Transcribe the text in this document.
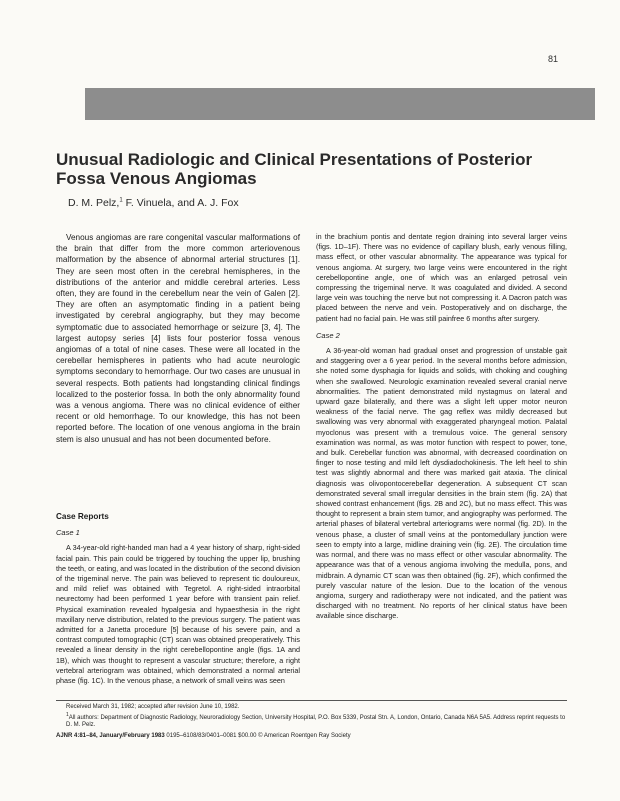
81
Unusual Radiologic and Clinical Presentations of Posterior Fossa Venous Angiomas
D. M. Pelz,$^1$ F. Vinuela, and A. J. Fox

Venous angiomas are rare congenital vascular malformations of the brain that differ from the more common arteriovenous malformation by the absence of abnormal arterial structures [1]. They are seen most often in the cerebral hemispheres, in the distributions of the anterior and middle cerebral arteries. Less often, they are found in the cerebellum near the vein of Galen [2]. They are often an asymptomatic finding in a patient being investigated by cerebral angiography, but they may become symptomatic due to associated hemorrhage or seizure [3, 4]. The largest autopsy series [4] lists four posterior fossa venous angiomas of a total of nine cases. These were all located in the cerebellar hemispheres in patients who had acute neurologic symptoms secondary to hemorrhage. Our two cases are unusual in several respects. Both patients had longstanding clinical findings localized to the posterior fossa. In both the only abnormality found was a venous angioma. There was no clinical evidence of either recent or old hemorrhage. To our knowledge, this has not been reported before. The location of one venous angioma in the brain stem is also unusual and has not been documented before.

Case Reports
Case 1

A 34-year-old right-handed man had a 4 year history of sharp, right-sided facial pain. This pain could be triggered by touching the upper lip, brushing the teeth, or eating, and was located in the distribution of the second division of the trigeminal nerve. The pain was believed to represent tic douloureux, and mild relief was obtained with Tegretol. A right-sided intraorbital neurectomy had been performed 1 year before with transient pain relief. Physical examination revealed hypalgesia and hypaesthesia in the right maxillary nerve distribution, related to the previous surgery. The patient was admitted for a Janetta procedure [5] because of his severe pain, and a contrast computed tomographic (CT) scan was obtained preoperatively. This revealed a linear density in the right cerebellopontine angle (figs. 1A and 1B), which was thought to represent a vascular structure; therefore, a right vertebral arteriogram was obtained, which demonstrated a normal arterial phase (fig. 1C). In the venous phase, a network of small veins was seen

in the brachium pontis and dentate region draining into several larger veins (figs. 1D–1F). There was no evidence of capillary blush, early venous filling, mass effect, or other vascular abnormality. The appearance was typical for venous angioma. At surgery, two large veins were encountered in the right cerebellopontine angle, one of which was an enlarged petrosal vein compressing the trigeminal nerve. It was coagulated and divided. A second large vein was touching the nerve but not compressing it. A Dacron patch was placed between the nerve and vein. Postoperatively and on discharge, the patient had no facial pain. He was still painfree 6 months after surgery.

Case 2

A 36-year-old woman had gradual onset and progression of unstable gait and staggering over a 6 year period. In the several months before admission, she noted some dysphagia for liquids and solids, with choking and coughing when she swallowed. Neurologic examination revealed several cranial nerve abnormalities. The patient demonstrated mild nystagmus on lateral and upward gaze bilaterally, and there was a slight left upper motor neuron weakness of the facial nerve. The gag reflex was mildly decreased but swallowing was very abnormal with exaggerated pharyngeal motion. Palatal myoclonus was present with a tremulous voice. The general sensory examination was normal, as was motor function with respect to power, tone, and bulk. Cerebellar function was abnormal, with decreased coordination on finger to nose testing and mild left dysdiadochokinesis. The left heel to shin test was slightly abnormal and there was marked gait ataxia. The clinical diagnosis was olivopontocerebellar degeneration. A subsequent CT scan demonstrated several small irregular densities in the brain stem (fig. 2A) that showed contrast enhancement (figs. 2B and 2C), but no mass effect. This was thought to represent a brain stem tumor, and angiography was performed. The arterial phases of bilateral vertebral arteriograms were normal (fig. 2D). In the venous phase, a cluster of small veins at the pontomedullary junction were seen to empty into a large, midline draining vein (fig. 2E). The circulation time was normal, and there was no mass effect or other vascular abnormality. The appearance was that of a venous angioma involving the medulla, pons, and midbrain. A dynamic CT scan was then obtained (fig. 2F), which confirmed the purely vascular nature of the lesion. Due to the location of the venous angioma, surgery and radiotherapy were not indicated, and the patient was discharged with no treatment. No reports of her clinical status have been available since discharge.

Received March 31, 1982; accepted after revision June 10, 1982.

$^1$All authors: Department of Diagnostic Radiology, Neuroradiology Section, University Hospital, P.O. Box 5339, Postal Stn. A, London, Ontario, Canada N6A 5A5. Address reprint requests to D. M. Pelz.

AJNR 4:81–84, January/February 1983 0195–6108/83/0401–0081 $00.00 © American Roentgen Ray Society
